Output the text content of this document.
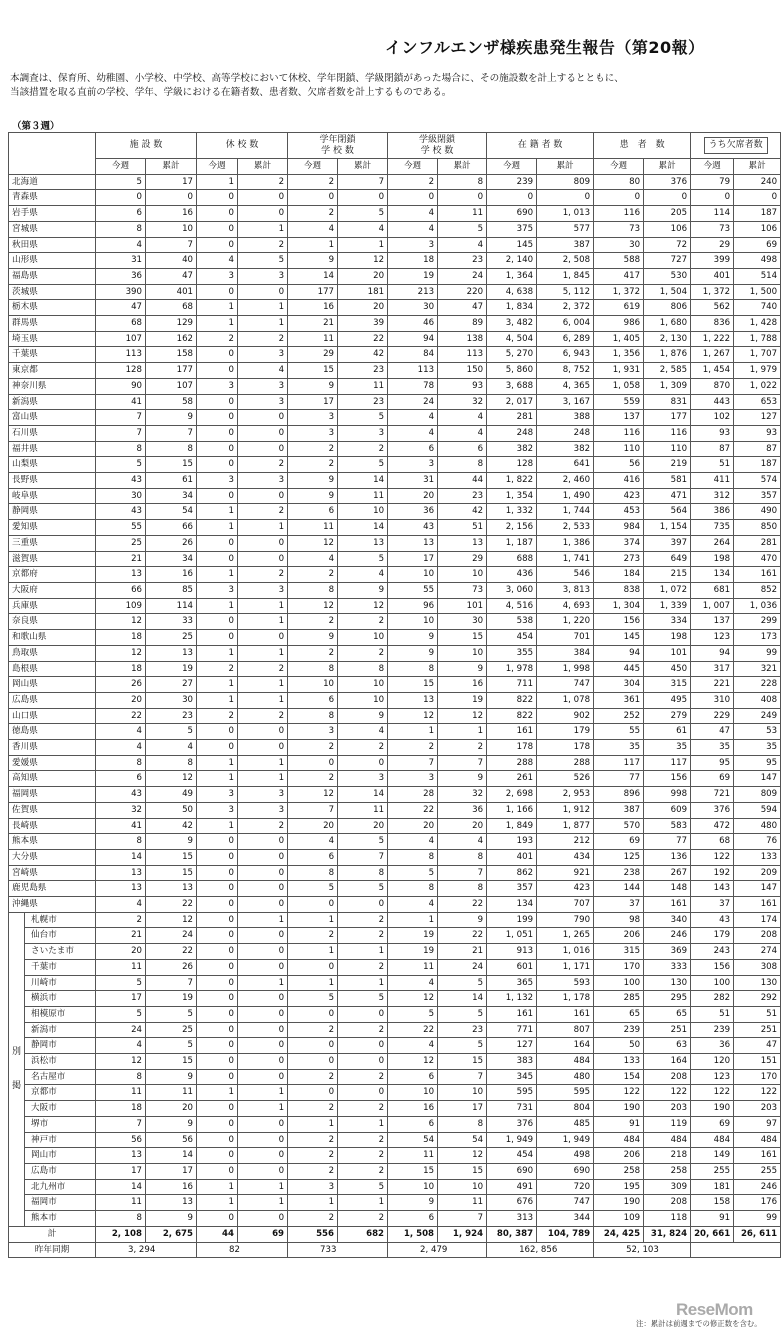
インフルエンザ様疾患発生報告（第20報）
本調査は、保育所、幼稚園、小学校、中学校、高等学校において休校、学年閉鎖、学級閉鎖があった場合に、その施設数を計上するとともに、
当該措置を取る直前の学校、学年、学級における在籍者数、患者数、欠席者数を計上するものである。
（第３週）
		施 設 数		休 校 数		学年閉鎖
学 校 数		学級閉鎖
学 校 数		在 籍 者 数		患　者　数		うち欠席者数	
		今週	累計	今週	累計	今週	累計	今週	累計	今週	累計	今週	累計	今週	累計
北海道		5	17	1	2	2	7	2	8	239	809	80	376	79	240
青森県		0	0	0	0	0	0	0	0	0	0	0	0	0	0
岩手県		6	16	0	0	2	5	4	11	690	1, 013	116	205	114	187
宮城県		8	10	0	1	4	4	4	5	375	577	73	106	73	106
秋田県		4	7	0	2	1	1	3	4	145	387	30	72	29	69
山形県		31	40	4	5	9	12	18	23	2, 140	2, 508	588	727	399	498
福島県		36	47	3	3	14	20	19	24	1, 364	1, 845	417	530	401	514
茨城県		390	401	0	0	177	181	213	220	4, 638	5, 112	1, 372	1, 504	1, 372	1, 500
栃木県		47	68	1	1	16	20	30	47	1, 834	2, 372	619	806	562	740
群馬県		68	129	1	1	21	39	46	89	3, 482	6, 004	986	1, 680	836	1, 428
埼玉県		107	162	2	2	11	22	94	138	4, 504	6, 289	1, 405	2, 130	1, 222	1, 788
千葉県		113	158	0	3	29	42	84	113	5, 270	6, 943	1, 356	1, 876	1, 267	1, 707
東京都		128	177	0	4	15	23	113	150	5, 860	8, 752	1, 931	2, 585	1, 454	1, 979
神奈川県		90	107	3	3	9	11	78	93	3, 688	4, 365	1, 058	1, 309	870	1, 022
新潟県		41	58	0	3	17	23	24	32	2, 017	3, 167	559	831	443	653
富山県		7	9	0	0	3	5	4	4	281	388	137	177	102	127
石川県		7	7	0	0	3	3	4	4	248	248	116	116	93	93
福井県		8	8	0	0	2	2	6	6	382	382	110	110	87	87
山梨県		5	15	0	2	2	5	3	8	128	641	56	219	51	187
長野県		43	61	3	3	9	14	31	44	1, 822	2, 460	416	581	411	574
岐阜県		30	34	0	0	9	11	20	23	1, 354	1, 490	423	471	312	357
静岡県		43	54	1	2	6	10	36	42	1, 332	1, 744	453	564	386	490
愛知県		55	66	1	1	11	14	43	51	2, 156	2, 533	984	1, 154	735	850
三重県		25	26	0	0	12	13	13	13	1, 187	1, 386	374	397	264	281
滋賀県		21	34	0	0	4	5	17	29	688	1, 741	273	649	198	470
京都府		13	16	1	2	2	4	10	10	436	546	184	215	134	161
大阪府		66	85	3	3	8	9	55	73	3, 060	3, 813	838	1, 072	681	852
兵庫県		109	114	1	1	12	12	96	101	4, 516	4, 693	1, 304	1, 339	1, 007	1, 036
奈良県		12	33	0	1	2	2	10	30	538	1, 220	156	334	137	299
和歌山県		18	25	0	0	9	10	9	15	454	701	145	198	123	173
鳥取県		12	13	1	1	2	2	9	10	355	384	94	101	94	99
島根県		18	19	2	2	8	8	8	9	1, 978	1, 998	445	450	317	321
岡山県		26	27	1	1	10	10	15	16	711	747	304	315	221	228
広島県		20	30	1	1	6	10	13	19	822	1, 078	361	495	310	408
山口県		22	23	2	2	8	9	12	12	822	902	252	279	229	249
徳島県		4	5	0	0	3	4	1	1	161	179	55	61	47	53
香川県		4	4	0	0	2	2	2	2	178	178	35	35	35	35
愛媛県		8	8	1	1	0	0	7	7	288	288	117	117	95	95
高知県		6	12	1	1	2	3	3	9	261	526	77	156	69	147
福岡県		43	49	3	3	12	14	28	32	2, 698	2, 953	896	998	721	809
佐賀県		32	50	3	3	7	11	22	36	1, 166	1, 912	387	609	376	594
長崎県		41	42	1	2	20	20	20	20	1, 849	1, 877	570	583	472	480
熊本県		8	9	0	0	4	5	4	4	193	212	69	77	68	76
大分県		14	15	0	0	6	7	8	8	401	434	125	136	122	133
宮崎県		13	15	0	0	8	8	5	7	862	921	238	267	192	209
鹿児島県		13	13	0	0	5	5	8	8	357	423	144	148	143	147
沖縄県		4	22	0	0	0	0	4	22	134	707	37	161	37	161

別
掲	札幌市	2	12	0	1	1	2	1	9	199	790	98	340	43	174
	仙台市	21	24	0	0	2	2	19	22	1, 051	1, 265	206	246	179	208
	さいたま市	20	22	0	0	1	1	19	21	913	1, 016	315	369	243	274
	千葉市	11	26	0	0	0	2	11	24	601	1, 171	170	333	156	308
	川崎市	5	7	0	1	1	1	4	5	365	593	100	130	100	130
	横浜市	17	19	0	0	5	5	12	14	1, 132	1, 178	285	295	282	292
	相模原市	5	5	0	0	0	0	5	5	161	161	65	65	51	51
	新潟市	24	25	0	0	2	2	22	23	771	807	239	251	239	251
	静岡市	4	5	0	0	0	0	4	5	127	164	50	63	36	47
	浜松市	12	15	0	0	0	0	12	15	383	484	133	164	120	151
	名古屋市	8	9	0	0	2	2	6	7	345	480	154	208	123	170
	京都市	11	11	1	1	0	0	10	10	595	595	122	122	122	122
	大阪市	18	20	0	1	2	2	16	17	731	804	190	203	190	203
	堺市	7	9	0	0	1	1	6	8	376	485	91	119	69	97
	神戸市	56	56	0	0	2	2	54	54	1, 949	1, 949	484	484	484	484
	岡山市	13	14	0	0	2	2	11	12	454	498	206	218	149	161
	広島市	17	17	0	0	2	2	15	15	690	690	258	258	255	255
	北九州市	14	16	1	1	3	5	10	10	491	720	195	309	181	246
	福岡市	11	13	1	1	1	1	9	11	676	747	190	208	158	176
	熊本市	8	9	0	0	2	2	6	7	313	344	109	118	91	99
計		2, 108	2, 675	44	69	556	682	1, 508	1, 924	80, 387	104, 789	24, 425	31, 824	20, 661	26, 611
昨年同期		3, 294		82		733		2, 479		162, 856		52, 103			
注：累計は前週までの修正数を含む。
ReseMom
